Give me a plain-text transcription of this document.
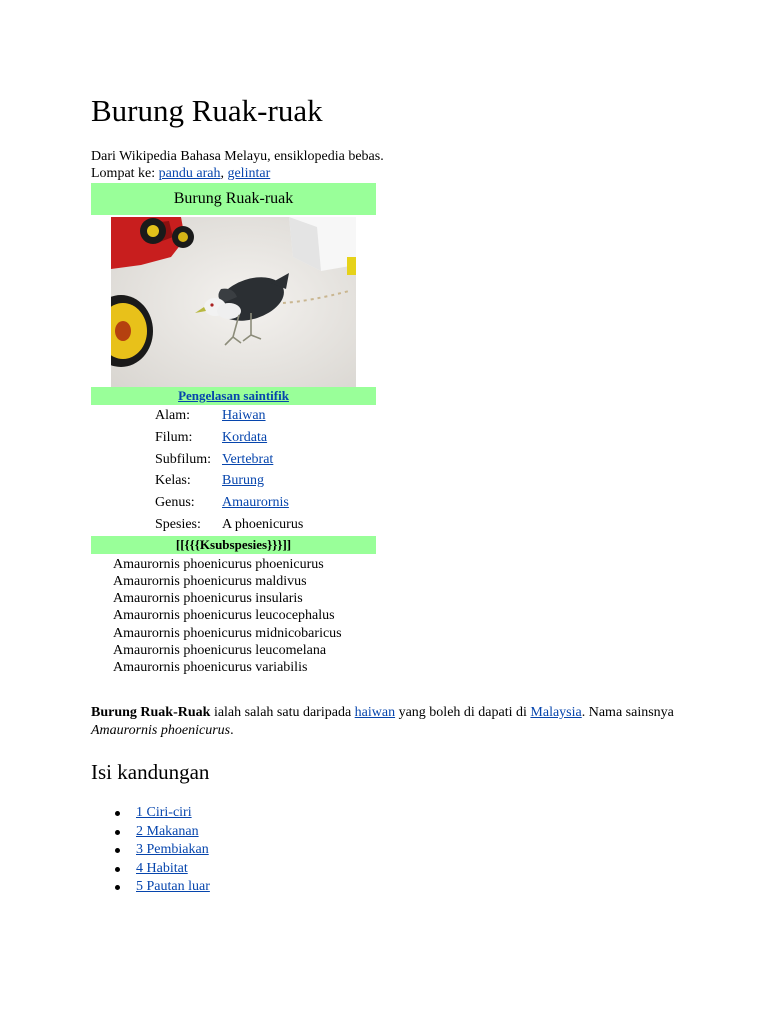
Burung Ruak-ruak
Dari Wikipedia Bahasa Melayu, ensiklopedia bebas.
Lompat ke: pandu arah, gelintar
Burung Ruak-ruak
Pengelasan saintifik
Alam: Haiwan
Filum: Kordata
Subfilum: Vertebrat
Kelas: Burung
Genus: Amaurornis
Spesies: A phoenicurus
[[{{{Ksubspesies}}}]]
Amaurornis phoenicurus phoenicurus
Amaurornis phoenicurus maldivus
Amaurornis phoenicurus insularis
Amaurornis phoenicurus leucocephalus
Amaurornis phoenicurus midnicobaricus
Amaurornis phoenicurus leucomelana
Amaurornis phoenicurus variabilis

Burung Ruak-Ruak ialah salah satu daripada haiwan yang boleh di dapati di Malaysia. Nama sainsnya Amaurornis phoenicurus.

Isi kandungan
1 Ciri-ciri
2 Makanan
3 Pembiakan
4 Habitat
5 Pautan luar
